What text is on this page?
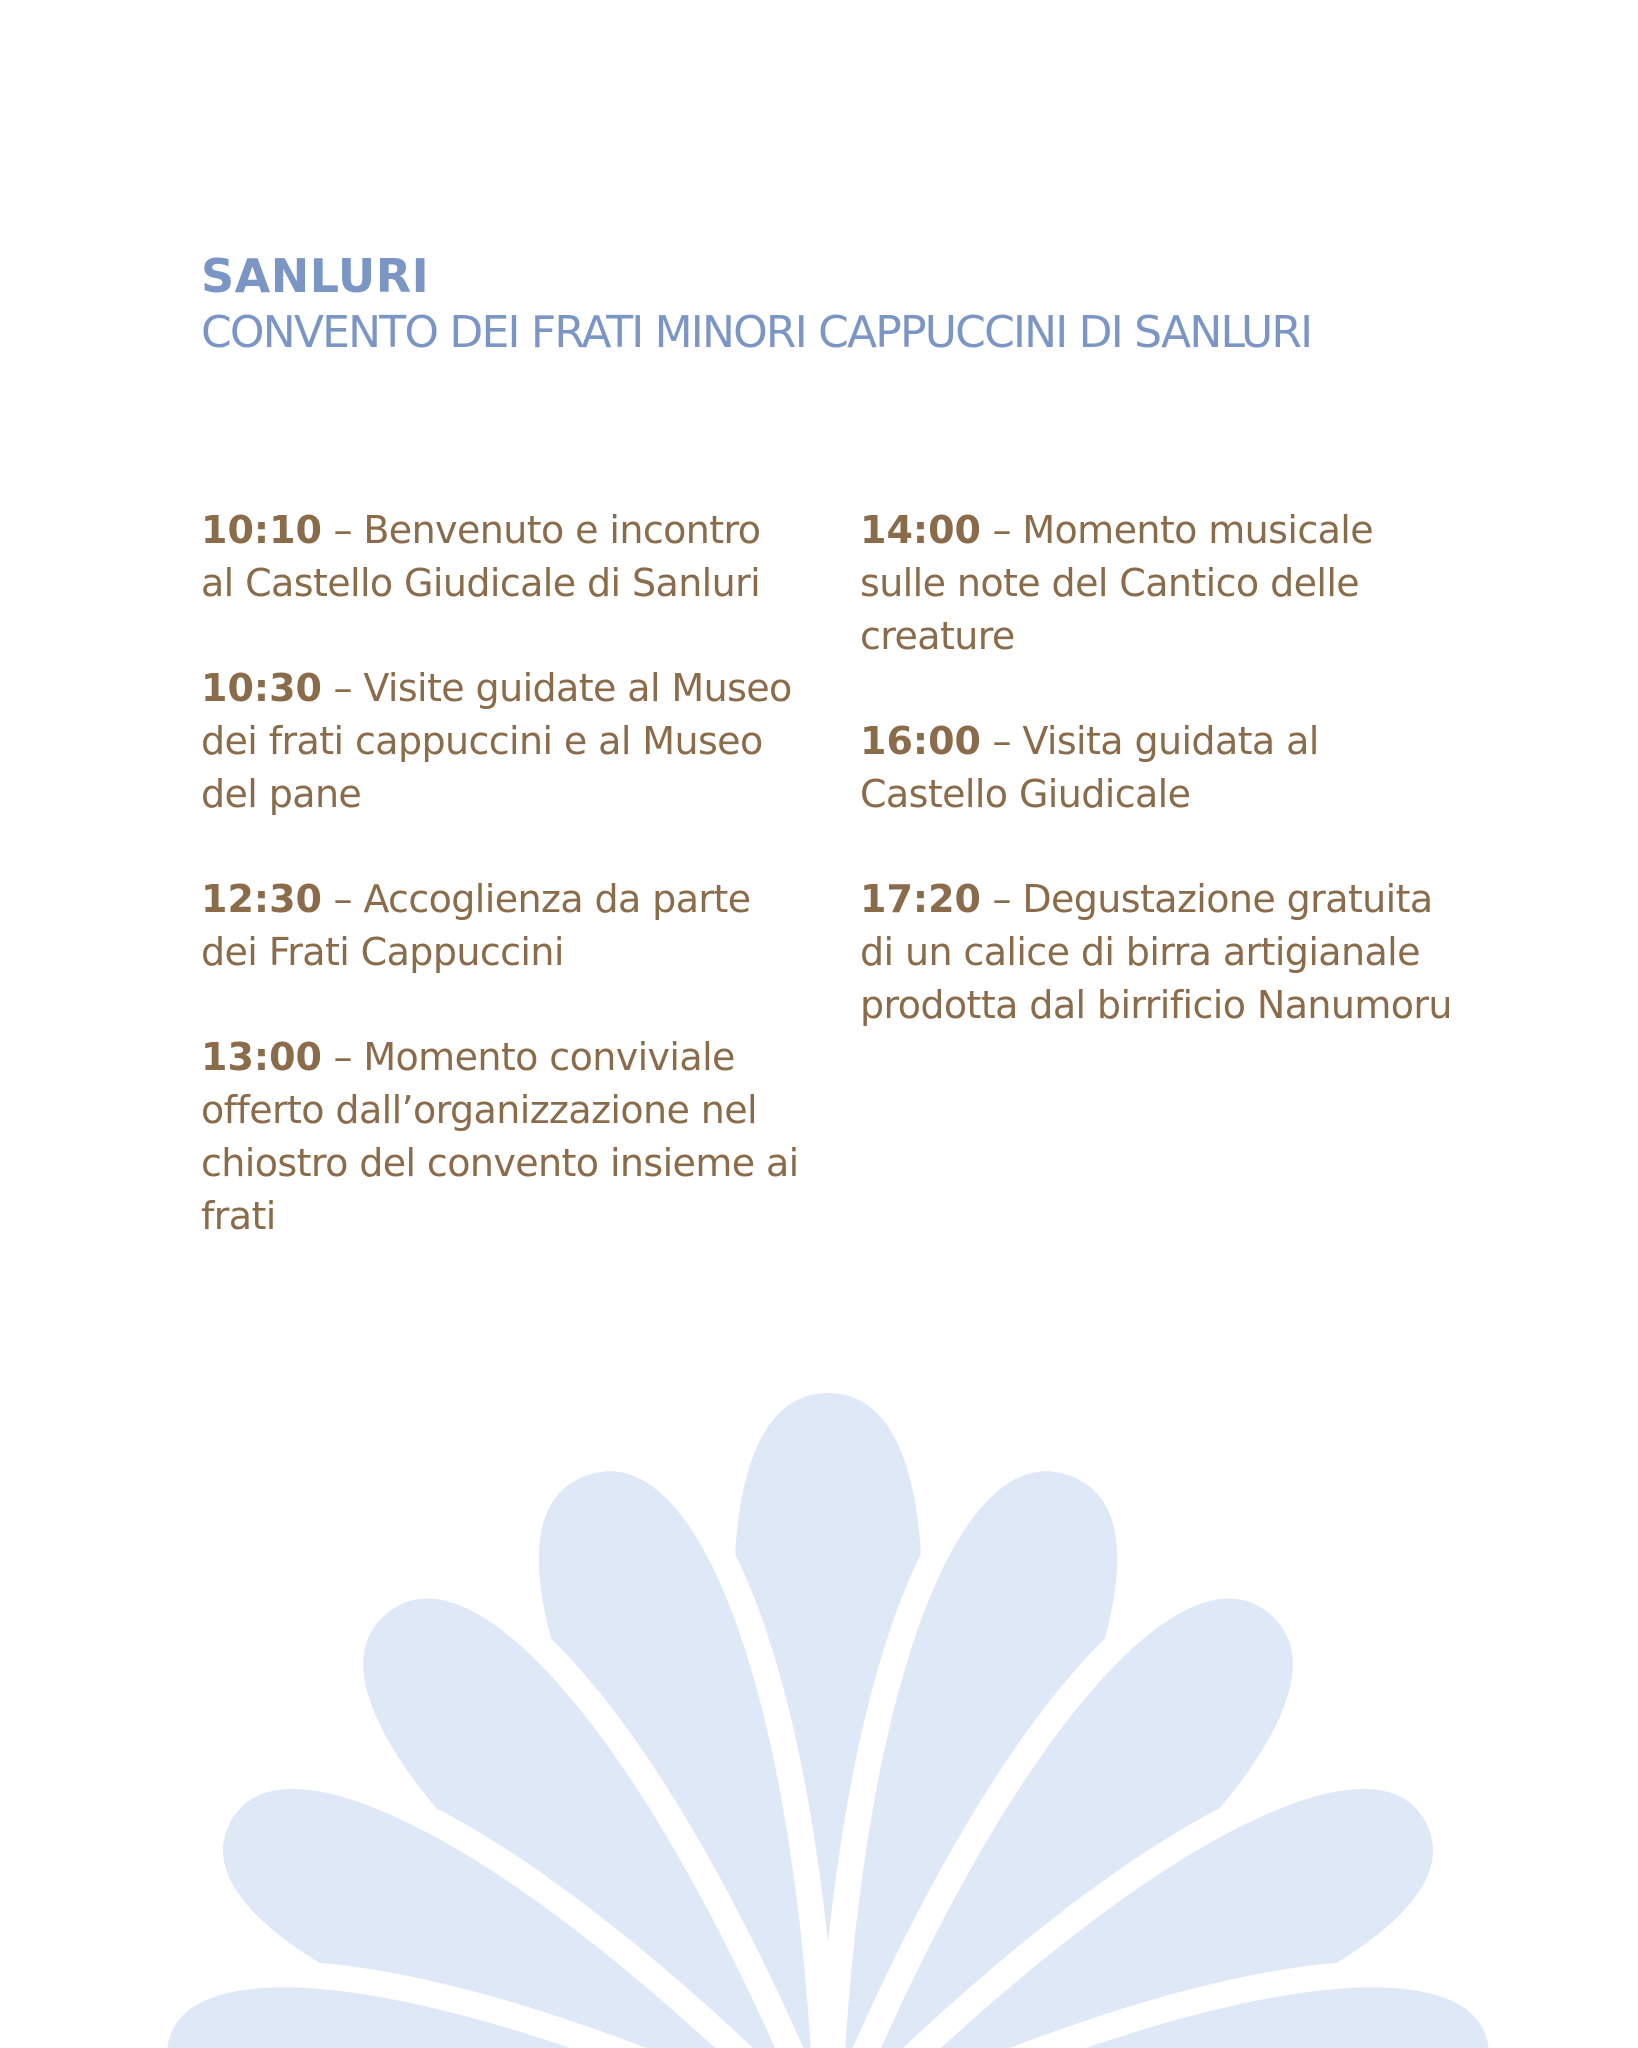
SANLURI
CONVENTO DEI FRATI MINORI CAPPUCCINI DI SANLURI
10:10 – Benvenuto e incontro al Castello Giudicale di Sanluri
10:30 – Visite guidate al Museo dei frati cappuccini e al Museo del pane
12:30 – Accoglienza da parte dei Frati Cappuccini
13:00 – Momento conviviale offerto dall’organizzazione nel chiostro del convento insieme ai frati
14:00 – Momento musicale sulle note del Cantico delle creature
16:00 – Visita guidata al Castello Giudicale
17:20 – Degustazione gratuita di un calice di birra artigianale prodotta dal birrificio Nanumoru
